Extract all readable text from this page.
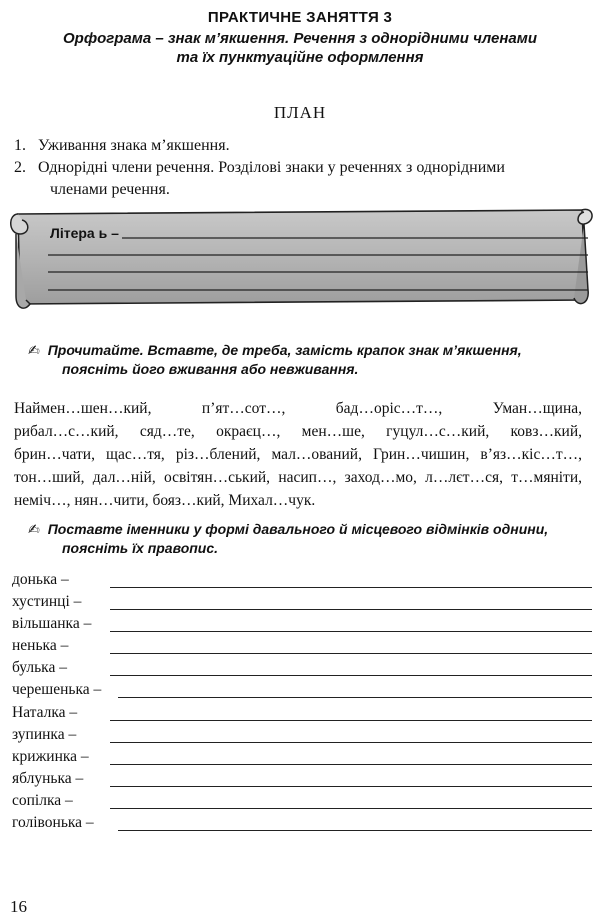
ПРАКТИЧНЕ ЗАНЯТТЯ 3
Орфограма – знак м’якшення. Речення з однорідними членами
та їх пунктуаційне оформлення
ПЛАН
1. Уживання знака м’якшення.
2. Однорідні члени речення. Розділові знаки у реченнях з однорідними
членами речення.
Літера ь –
✍ Прочитайте. Вставте, де треба, замість крапок знак м’якшення,
поясніть його вживання або невживання.
Наймен…шен…кий, п’ят…сот…, бад…оріс…т…, Уман…щина,
рибал…с…кий, сяд…те, окраєц…, мен…ше, гуцул…с…кий, ковз…кий,
брин…чати, щас…тя, різ…блений, мал…ований, Грин…чишин, в’яз…кіс…т…,
тон…ший, дал…ній, освітян…ський, насип…, заход…мо, л…лєт…ся, т…мяніти,
неміч…, нян…чити, бояз…кий, Михал…чук.
✍ Поставте іменники у формі давального й місцевого відмінків однини,
поясніть їх правопис.
донька –
хустинці –
вільшанка –
ненька –
булька –
черешенька –
Наталка –
зупинка –
крижинка –
яблунька –
сопілка –
голівонька –
16
